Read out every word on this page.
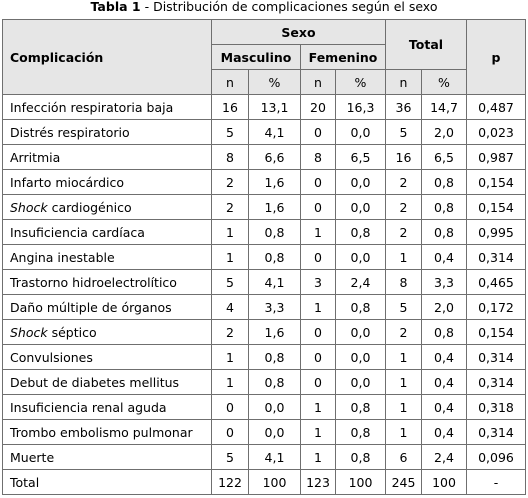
Tabla 1 - Distribución de complicaciones según el sexo
Complicación	Sexo				Total		p
	Masculino		Femenino				
	n	%	n	%	n	%	
Infección respiratoria baja	16	13,1	20	16,3	36	14,7	0,487
Distrés respiratorio	5	4,1	0	0,0	5	2,0	0,023
Arritmia	8	6,6	8	6,5	16	6,5	0,987
Infarto miocárdico	2	1,6	0	0,0	2	0,8	0,154
Shock cardiogénico	2	1,6	0	0,0	2	0,8	0,154
Insuficiencia cardíaca	1	0,8	1	0,8	2	0,8	0,995
Angina inestable	1	0,8	0	0,0	1	0,4	0,314
Trastorno hidroelectrolítico	5	4,1	3	2,4	8	3,3	0,465
Daño múltiple de órganos	4	3,3	1	0,8	5	2,0	0,172
Shock séptico	2	1,6	0	0,0	2	0,8	0,154
Convulsiones	1	0,8	0	0,0	1	0,4	0,314
Debut de diabetes mellitus	1	0,8	0	0,0	1	0,4	0,314
Insuficiencia renal aguda	0	0,0	1	0,8	1	0,4	0,318
Trombo embolismo pulmonar	0	0,0	1	0,8	1	0,4	0,314
Muerte	5	4,1	1	0,8	6	2,4	0,096
Total	122	100	123	100	245	100	-
